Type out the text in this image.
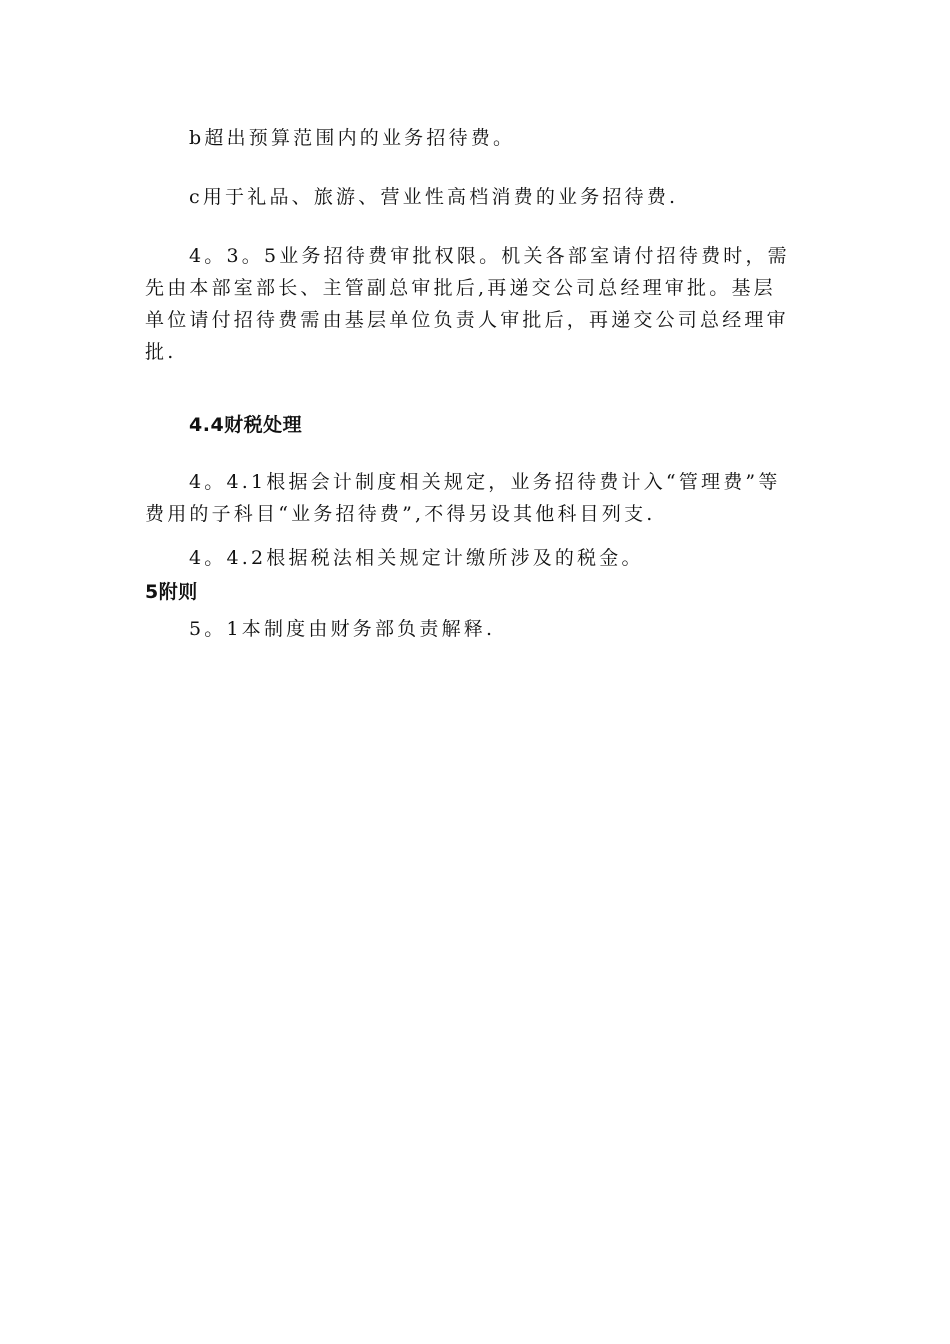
b超出预算范围内的业务招待费。

c用于礼品、旅游、营业性高档消费的业务招待费.

4。3。5业务招待费审批权限。机关各部室请付招待费时，需先由本部室部长、主管副总审批后,再递交公司总经理审批。基层单位请付招待费需由基层单位负责人审批后，再递交公司总经理审批.

4.4财税处理

4。4.1根据会计制度相关规定，业务招待费计入“管理费”等费用的子科目“业务招待费”,不得另设其他科目列支.

4。4.2根据税法相关规定计缴所涉及的税金。

5附则

5。1本制度由财务部负责解释.
